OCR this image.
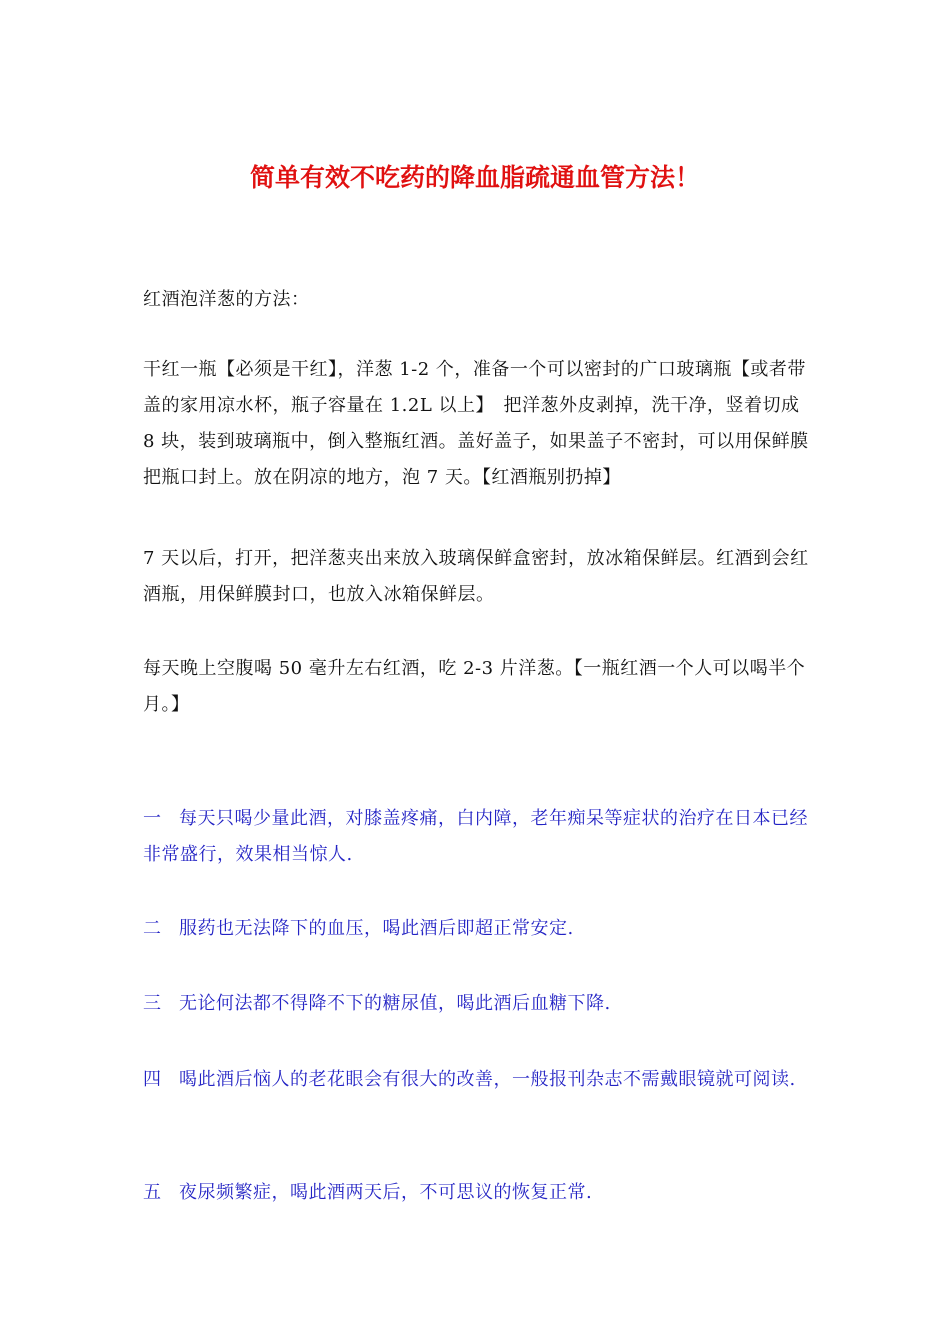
简单有效不吃药的降血脂疏通血管方法！

红酒泡洋葱的方法：

干红一瓶【必须是干红】，洋葱 1-2 个，准备一个可以密封的广口玻璃瓶【或者带盖的家用凉水杯，瓶子容量在 1.2L 以上】　把洋葱外皮剥掉，洗干净，竖着切成 8 块，装到玻璃瓶中，倒入整瓶红酒。盖好盖子，如果盖子不密封，可以用保鲜膜把瓶口封上。放在阴凉的地方，泡 7 天。【红酒瓶别扔掉】

7 天以后，打开，把洋葱夹出来放入玻璃保鲜盒密封，放冰箱保鲜层。红酒到会红酒瓶，用保鲜膜封口，也放入冰箱保鲜层。

每天晚上空腹喝 50 毫升左右红酒，吃 2-3 片洋葱。【一瓶红酒一个人可以喝半个月。】

一 每天只喝少量此酒，对膝盖疼痛，白内障，老年痴呆等症状的治疗在日本已经非常盛行，效果相当惊人.

二 服药也无法降下的血压，喝此酒后即超正常安定.

三 无论何法都不得降不下的糖尿值，喝此酒后血糖下降.

四 喝此酒后恼人的老花眼会有很大的改善，一般报刊杂志不需戴眼镜就可阅读.

五 夜尿频繁症，喝此酒两天后，不可思议的恢复正常.
